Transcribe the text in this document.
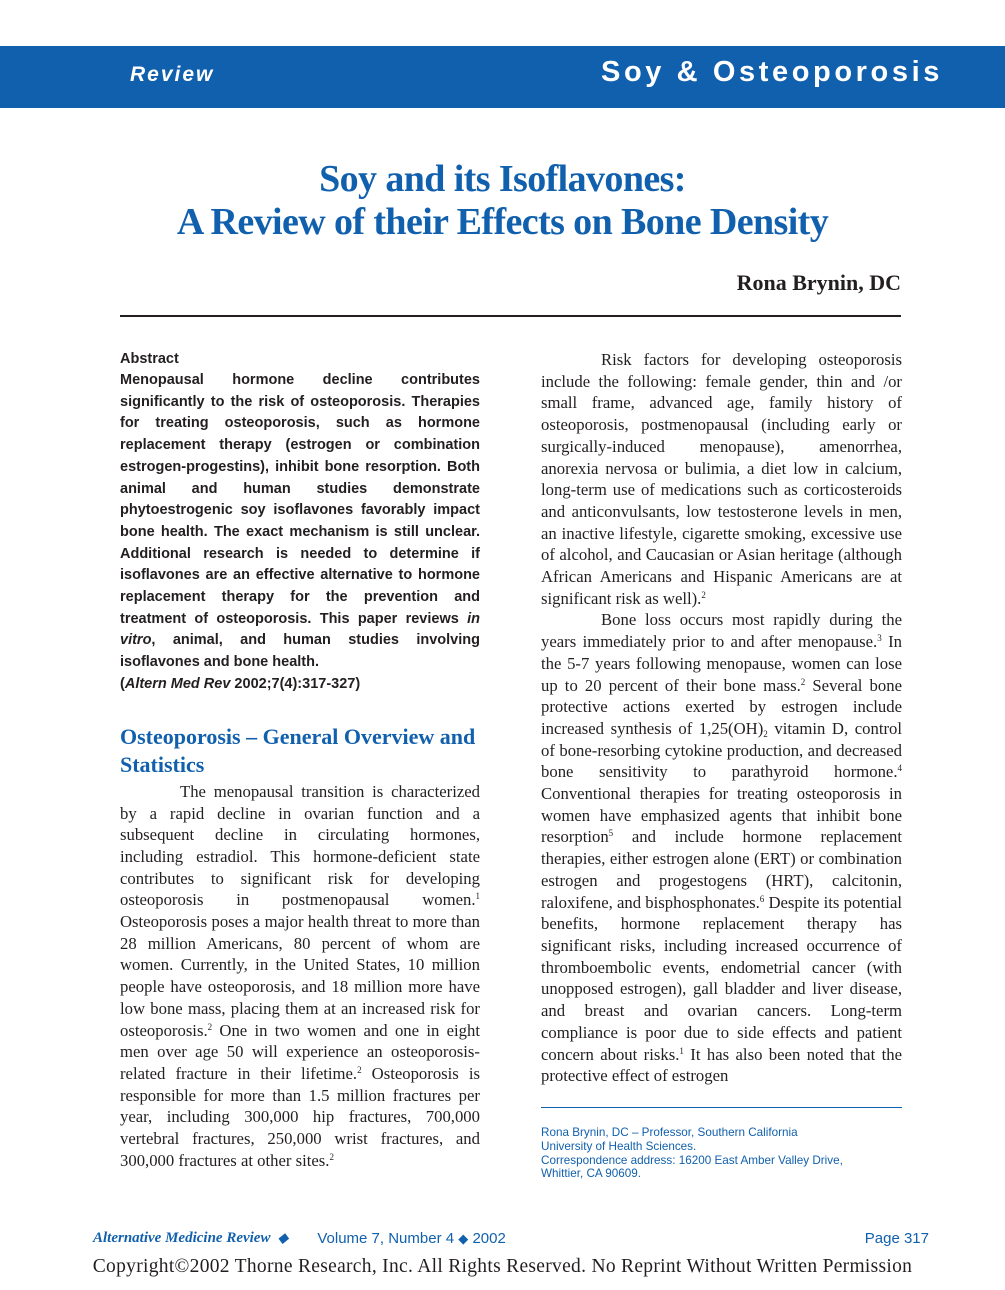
Review	Soy & Osteoporosis
Soy and its Isoflavones:
A Review of their Effects on Bone Density
Rona Brynin, DC
Abstract

Menopausal hormone decline contributes significantly to the risk of osteoporosis. Therapies for treating osteoporosis, such as hormone replacement therapy (estrogen or combination estrogen-progestins), inhibit bone resorption. Both animal and human studies demonstrate phytoestrogenic soy isoflavones favorably impact bone health. The exact mechanism is still unclear. Additional research is needed to determine if isoflavones are an effective alternative to hormone replacement therapy for the prevention and treatment of osteoporosis. This paper reviews in vitro, animal, and human studies involving isoflavones and bone health.

(Altern Med Rev 2002;7(4):317-327)
Osteoporosis – General Overview and Statistics

The menopausal transition is characterized by a rapid decline in ovarian function and a subsequent decline in circulating hormones, including estradiol. This hormone-deficient state contributes to significant risk for developing osteoporosis in postmenopausal women.$^1$ Osteoporosis poses a major health threat to more than 28 million Americans, 80 percent of whom are women. Currently, in the United States, 10 million people have osteoporosis, and 18 million more have low bone mass, placing them at an increased risk for osteoporosis.$^2$ One in two women and one in eight men over age 50 will experience an osteoporosis-related fracture in their lifetime.$^2$ Osteoporosis is responsible for more than 1.5 million fractures per year, including 300,000 hip fractures, 700,000 vertebral fractures, 250,000 wrist fractures, and 300,000 fractures at other sites.$^2$

Risk factors for developing osteoporosis include the following: female gender, thin and /or small frame, advanced age, family history of osteoporosis, postmenopausal (including early or surgically-induced menopause), amenorrhea, anorexia nervosa or bulimia, a diet low in calcium, long-term use of medications such as corticosteroids and anticonvulsants, low testosterone levels in men, an inactive lifestyle, cigarette smoking, excessive use of alcohol, and Caucasian or Asian heritage (although African Americans and Hispanic Americans are at significant risk as well).$^2$

Bone loss occurs most rapidly during the years immediately prior to and after menopause.$^3$ In the 5-7 years following menopause, women can lose up to 20 percent of their bone mass.$^2$ Several bone protective actions exerted by estrogen include increased synthesis of $1,25(OH)_2$ vitamin D, control of bone-resorbing cytokine production, and decreased bone sensitivity to parathyroid hormone.$^4$ Conventional therapies for treating osteoporosis in women have emphasized agents that inhibit bone resorption$^5$ and include hormone replacement therapies, either estrogen alone (ERT) or combination estrogen and progestogens (HRT), calcitonin, raloxifene, and bisphosphonates.$^6$ Despite its potential benefits, hormone replacement therapy has significant risks, including increased occurrence of thromboembolic events, endometrial cancer (with unopposed estrogen), gall bladder and liver disease, and breast and ovarian cancers. Long-term compliance is poor due to side effects and patient concern about risks.$^1$ It has also been noted that the protective effect of estrogen

Rona Brynin, DC – Professor, Southern California
University of Health Sciences.
Correspondence address: 16200 East Amber Valley Drive,
Whittier, CA 90609.
Alternative Medicine Review ◆	Volume 7, Number 4 ◆ 2002	Page 317
Copyright©2002 Thorne Research, Inc. All Rights Reserved. No Reprint Without Written Permission
